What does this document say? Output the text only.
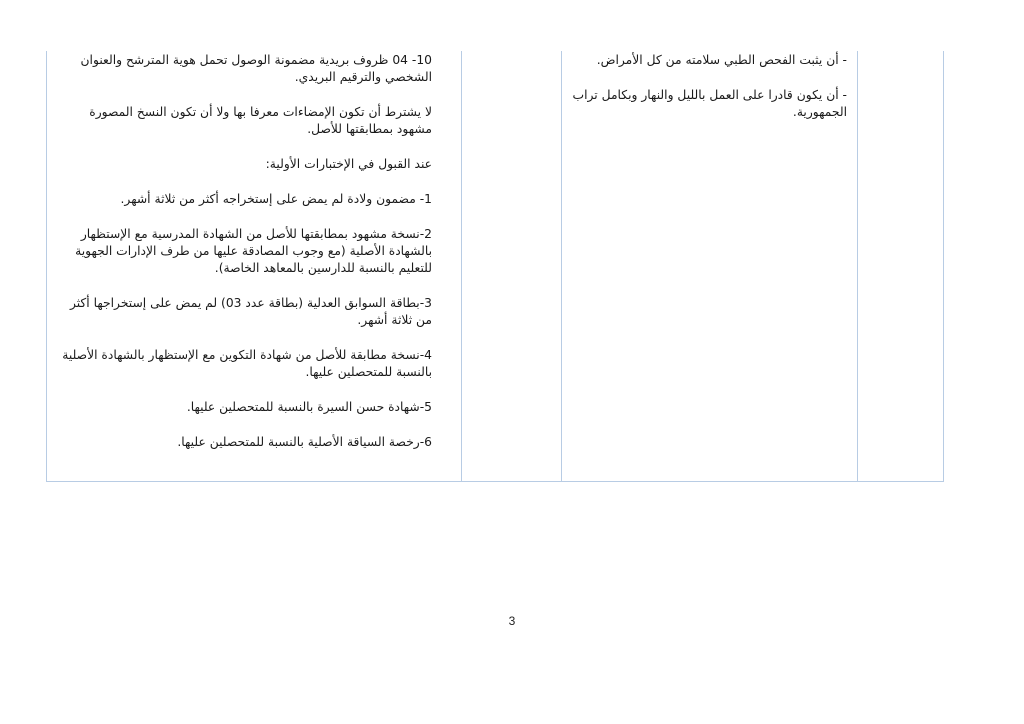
10- 04 ظروف بريدية مضمونة الوصول تحمل هوية المترشح والعنوان الشخصي والترقيم البريدي.

لا يشترط أن تكون الإمضاءات معرفا بها ولا أن تكون النسخ المصورة مشهود بمطابقتها للأصل.

عند القبول في الإختبارات الأولية:

1- مضمون ولادة لم يمض على إستخراجه أكثر من ثلاثة أشهر.

2-نسخة مشهود بمطابقتها للأصل من الشهادة المدرسية مع الإستظهار بالشهادة الأصلية (مع وجوب المصادقة عليها من طرف الإدارات الجهوية للتعليم بالنسبة للدارسين بالمعاهد الخاصة).

3-بطاقة السوابق العدلية (بطاقة عدد 03) لم يمض على إستخراجها أكثر من ثلاثة أشهر.

4-نسخة مطابقة للأصل من شهادة التكوين مع الإستظهار بالشهادة الأصلية بالنسبة للمتحصلين عليها.

5-شهادة حسن السيرة بالنسبة للمتحصلين عليها.

6-رخصة السياقة الأصلية بالنسبة للمتحصلين عليها.

- أن يثبت الفحص الطبي سلامته من كل الأمراض.

- أن يكون قادرا على العمل بالليل والنهار وبكامل تراب الجمهورية.

3
